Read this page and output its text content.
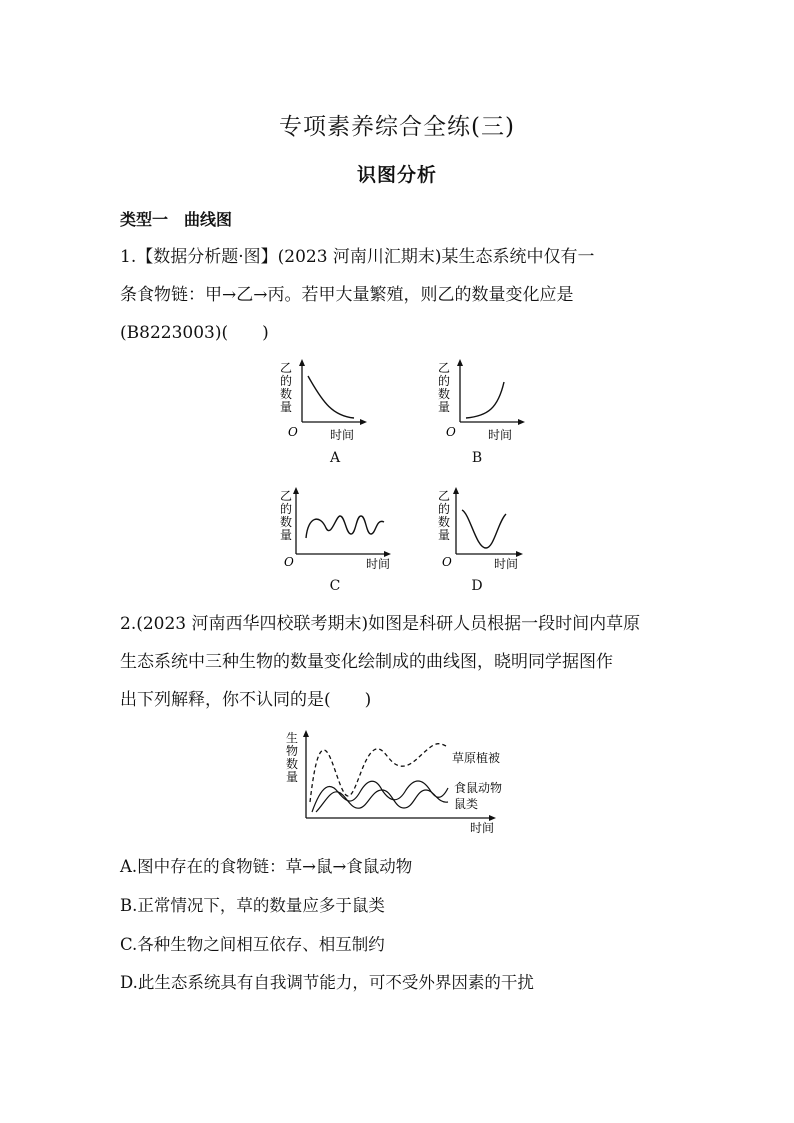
专项素养综合全练(三)
识图分析
类型一　曲线图
1.【数据分析题·图】(2023 河南川汇期末)某生态系统中仅有一
条食物链：甲→乙→丙。若甲大量繁殖，则乙的数量变化应是
(B8223003)(　　)
乙
的
数
量
O	时间
A
乙
的
数
量
O	时间
B
乙
的
数
量
O	时间
C
乙
的
数
量
O	时间
D
2.(2023 河南西华四校联考期末)如图是科研人员根据一段时间内草原
生态系统中三种生物的数量变化绘制成的曲线图，晓明同学据图作
出下列解释，你不认同的是(　　)
生
物
数
量
时间
草原植被
食鼠动物
鼠类
A.图中存在的食物链：草→鼠→食鼠动物
B.正常情况下，草的数量应多于鼠类
C.各种生物之间相互依存、相互制约
D.此生态系统具有自我调节能力，可不受外界因素的干扰
